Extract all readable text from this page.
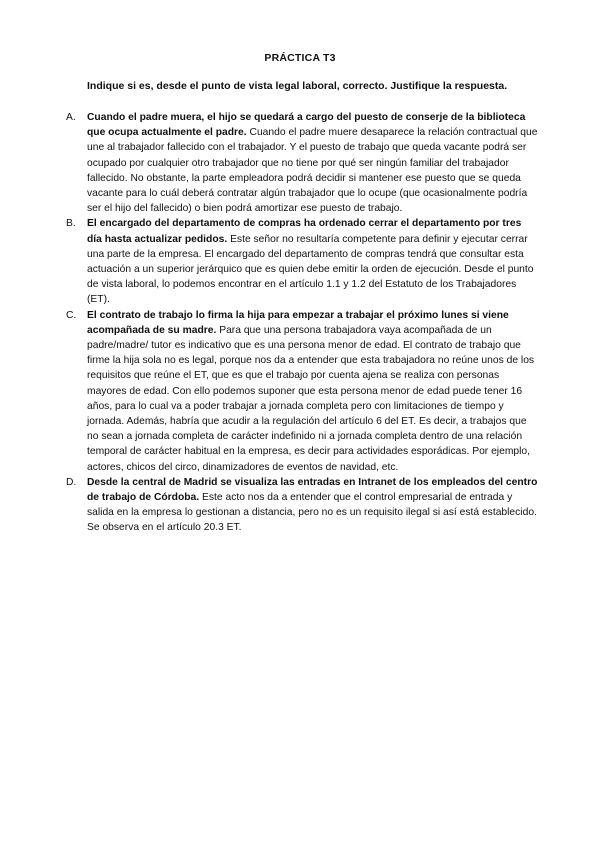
PRÁCTICA T3
Indique si es, desde el punto de vista legal laboral, correcto. Justifique la respuesta.
A. Cuando el padre muera, el hijo se quedará a cargo del puesto de conserje de la biblioteca que ocupa actualmente el padre. Cuando el padre muere desaparece la relación contractual que une al trabajador fallecido con el trabajador. Y el puesto de trabajo que queda vacante podrá ser ocupado por cualquier otro trabajador que no tiene por qué ser ningún familiar del trabajador fallecido. No obstante, la parte empleadora podrá decidir si mantener ese puesto que se queda vacante para lo cuál deberá contratar algún trabajador que lo ocupe (que ocasionalmente podría ser el hijo del fallecido) o bien podrá amortizar ese puesto de trabajo.
B. El encargado del departamento de compras ha ordenado cerrar el departamento por tres día hasta actualizar pedidos. Este señor no resultaría competente para definir y ejecutar cerrar una parte de la empresa. El encargado del departamento de compras tendrá que consultar esta actuación a un superior jerárquico que es quien debe emitir la orden de ejecución. Desde el punto de vista laboral, lo podemos encontrar en el artículo 1.1 y 1.2 del Estatuto de los Trabajadores (ET).
C. El contrato de trabajo lo firma la hija para empezar a trabajar el próximo lunes si viene acompañada de su madre. Para que una persona trabajadora vaya acompañada de un padre/madre/ tutor es indicativo que es una persona menor de edad. El contrato de trabajo que firme la hija sola no es legal, porque nos da a entender que esta trabajadora no reúne unos de los requisitos que reúne el ET, que es que el trabajo por cuenta ajena se realiza con personas mayores de edad. Con ello podemos suponer que esta persona menor de edad puede tener 16 años, para lo cual va a poder trabajar a jornada completa pero con limitaciones de tiempo y jornada. Además, habría que acudir a la regulación del artículo 6 del ET. Es decir, a trabajos que no sean a jornada completa de carácter indefinido ni a jornada completa dentro de una relación temporal de carácter habitual en la empresa, es decir para actividades esporádicas. Por ejemplo, actores, chicos del circo, dinamizadores de eventos de navidad, etc.
D. Desde la central de Madrid se visualiza las entradas en Intranet de los empleados del centro de trabajo de Córdoba. Este acto nos da a entender que el control empresarial de entrada y salida en la empresa lo gestionan a distancia, pero no es un requisito ilegal si así está establecido. Se observa en el artículo 20.3 ET.
